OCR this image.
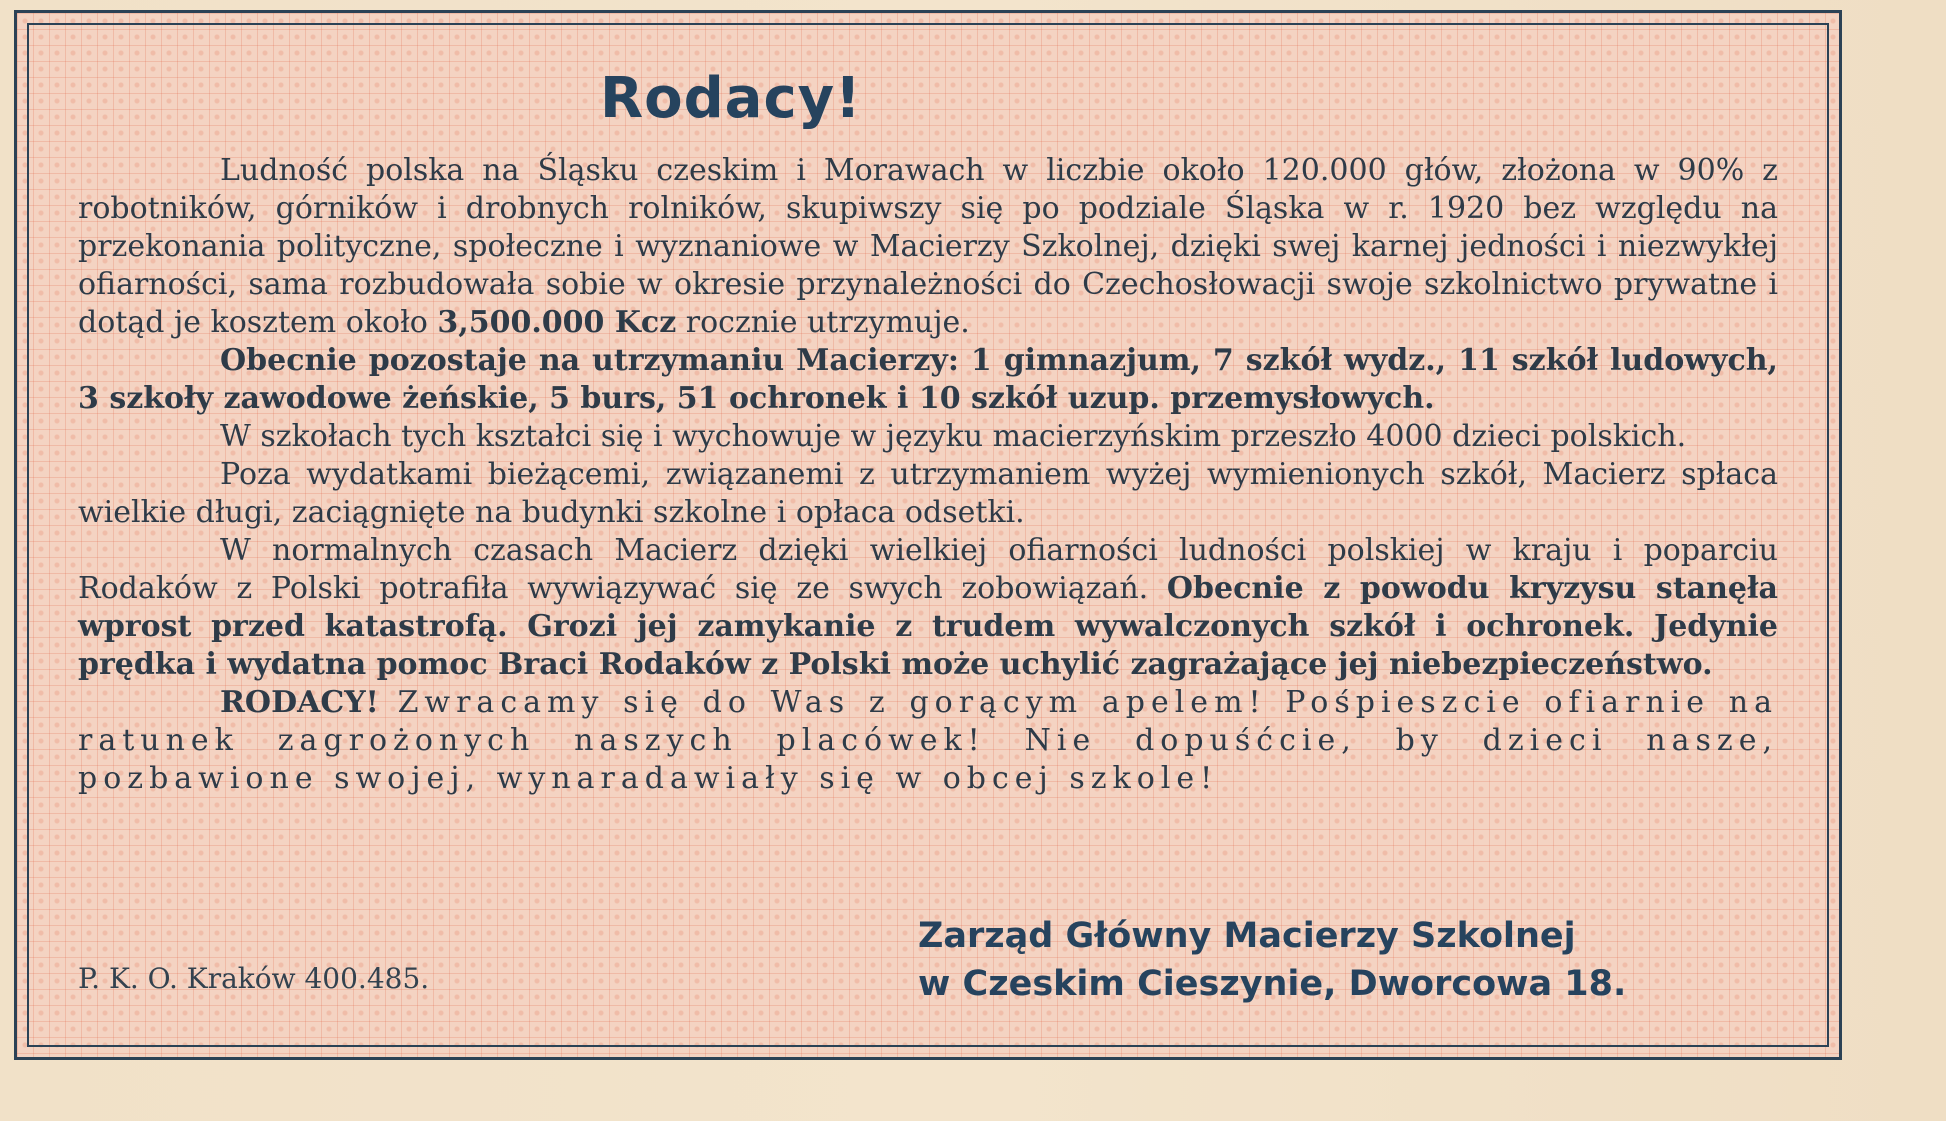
Rodacy!

Ludność polska na Śląsku czeskim i Morawach w liczbie około 120.000 głów, złożona w 90% z robotników, górników i drobnych rolników, skupiwszy się po podziale Śląska w r. 1920 bez względu na przekonania polityczne, społeczne i wyznaniowe w Macierzy Szkolnej, dzięki swej karnej jedności i niezwykłej ofiarności, sama rozbudowała sobie w okresie przynależności do Czechosłowacji swoje szkolnictwo prywatne i dotąd je kosztem około 3,500.000 Kcz rocznie utrzymuje.

Obecnie pozostaje na utrzymaniu Macierzy: 1 gimnazjum, 7 szkół wydz., 11 szkół ludowych, 3 szkoły zawodowe żeńskie, 5 burs, 51 ochronek i 10 szkół uzup. przemysłowych.

W szkołach tych kształci się i wychowuje w języku macierzyńskim przeszło 4000 dzieci polskich.

Poza wydatkami bieżącemi, związanemi z utrzymaniem wyżej wymienionych szkół, Macierz spłaca wielkie długi, zaciągnięte na budynki szkolne i opłaca odsetki.

W normalnych czasach Macierz dzięki wielkiej ofiarności ludności polskiej w kraju i poparciu Rodaków z Polski potrafiła wywiązywać się ze swych zobowiązań. Obecnie z powodu kryzysu stanęła wprost przed katastrofą. Grozi jej zamykanie z trudem wywalczonych szkół i ochronek. Jedynie prędka i wydatna pomoc Braci Rodaków z Polski może uchylić zagrażające jej niebezpieczeństwo.

RODACY! Zwracamy się do Was z gorącym apelem! Pośpieszcie ofiarnie na ratunek zagrożonych naszych placówek! Nie dopuśćcie, by dzieci nasze, pozbawione swojej, wynaradawiały się w obcej szkole!

P. K. O. Kraków 400.485.
Zarząd Główny Macierzy Szkolnej
w Czeskim Cieszynie, Dworcowa 18.
